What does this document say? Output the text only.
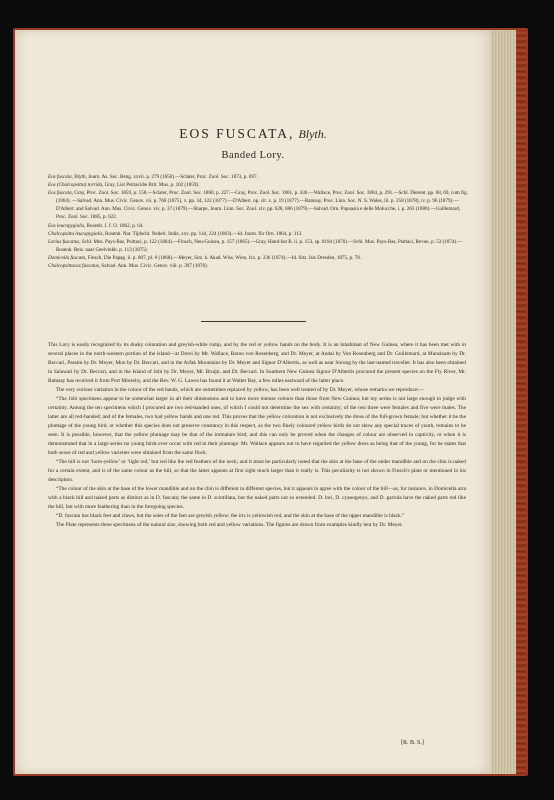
EOS FUSCATA, Blyth.
Banded Lory.

Eos fuscata, Blyth, Journ. As. Soc. Beng. xxvii. p. 279 (1858).—Sclater, Proc. Zool. Soc. 1873, p. 697.

Eos (Chalcopsitta) torrida, Gray, List Psittacidæ Brit. Mus. p. 102 (1859).

Eos fuscata, Gray, Proc. Zool. Soc. 1859, p. 158.—Sclater, Proc. Zool. Soc. 1860, p. 227.—Gray, Proc. Zool. Soc. 1861, p. 436.—Wallace, Proc. Zool. Soc. 1864, p. 291.—Schl. Dierent. pp. 68, 69, cum fig. (1864). —Salvad. Ann. Mus. Civic. Genov. vii. p. 760 (1875), x. pp. 34, 122 (1877).—D'Albert. op. cit. x. p. 19 (1877).—Ramsay, Proc. Linn. Soc. N. S. Wales, iii. p. 258 (1878), iv. p. 96 (1879).—D'Albert. and Salvad. Ann. Mus. Civic. Genov. xiv. p. 37 (1879).—Sharpe, Journ. Linn. Soc. Zool. xiv. pp. 628, 686 (1879).—Salvad. Orn. Papuasia e delle Molucche, i. p. 263 (1880).—Guillemard, Proc. Zool. Soc. 1885, p. 622.

Eos leucopygialis, Rosenb. J. f. O. 1862, p. 64.

Chalcopsitta leucopygialis, Rosenb. Nat. Tijdschr. Nederl. Indie, xxv. pp. 144, 224 (1863).—Id. Journ. für Orn. 1864, p. 113.

Lorius fuscatus, Schl. Mus. Pays-Bas, Psittaci, p. 122 (1864).—Finsch, Neu-Guinea, p. 157 (1865).—Gray, Hand-list B. ii. p. 153, sp. 8194 (1870).—Schl. Mus. Pays-Bas, Psittaci, Revue, p. 53 (1874).—Rosenb. Reis. naar Geelvinkb. p. 113 (1875).

Domicella fuscata, Finsch, Die Papag. ii. p. 807, pl. 6 (1868).—Meyer, Sitz. k. Akad. Wiss. Wien, lxx. p. 236 (1874).—Id. Sitz. Isis Dresden, 1875, p. 78.

Chalcopsittacus fuscatus, Salvad. Ann. Mus. Civic. Genov. viii. p. 397 (1876).

This Lory is easily recognized by its dusky coloration and greyish-white rump, and by the red or yellow bands on the body. It is an inhabitant of New Guinea, where it has been met with in several places in the north-western portion of the island—at Dorei by Mr. Wallace, Baron von Rosenberg, and Dr. Meyer, at Andai by Von Rosenberg and Dr. Guillemard, at Mansinam by Dr. Beccari, Passim by Dr. Meyer, Mon by Dr. Beccari, and in the Arfak Mountains by Dr. Meyer and Signor D'Albertis, as well as near Sorong by the last-named traveller. It has also been obtained in Salawati by Dr. Beccari, and in the Island of Jobi by Dr. Meyer, Mr. Bruijn, and Dr. Beccari. In Southern New Guinea Signor D'Albertis procured the present species on the Fly River, Mr. Ramsay has received it from Port Moresby, and the Rev. W. G. Lawes has found it at Walter Bay, a few miles eastward of the latter place.

The very curious variation in the colour of the red bands, which are sometimes replaced by yellow, has been well treated of by Dr. Meyer, whose remarks we reproduce:—

“The Jobi specimens appear to be somewhat larger in all their dimensions and to have more intense colours than those from New Guinea; but my series is not large enough to judge with certainty. Among the ten specimens which I procured are two red-banded ones, of which I could not determine the sex with certainty; of the rest three were females and five were males. The latter are all red-banded; and of the females, two had yellow bands and one red. This proves that the yellow coloration is not exclusively the dress of the full-grown female; but whether it be the plumage of the young bird, or whether this species does not preserve constancy in this respect, as the two finely coloured yellow birds do not show any special traces of youth, remains to be seen. It is possible, however, that the yellow plumage may be that of the immature bird; and this can only be proved when the changes of colour are observed in captivity, or when it is demonstrated that in a large series no young birds ever occur with red in their plumage. Mr. Wallace appears not to have regarded the yellow dress as being that of the young, for he states that both sexes of red and yellow varieties were obtained from the same flock.

“The bill is not ‘horn-yellow’ or ‘light red,’ but red like the red feathers of the neck; and it must be particularly noted that the skin at the base of the under mandible and on the chin is naked for a certain extent, and is of the same colour as the bill, so that the latter appears at first sight much larger than it really is. This peculiarity is not shown in Finsch's plate or mentioned in his description.

“The colour of the skin at the base of the lower mandible and on the chin is different in different species, but it appears to agree with the colour of the bill—as, for instance, in Domicella atra with a black bill and naked parts as distinct as in D. fuscata; the same in D. scintillata, but the naked parts not so extended. D. lori, D. cyanogenys, and D. garrula have the naked parts red like the bill, but with more feathering than in the foregoing species.

“D. fuscata has black feet and claws, but the soles of the feet are greyish yellow; the iris is yellowish red, and the skin at the base of the upper mandible is black.”

The Plate represents three specimens of the natural size, showing both red and yellow variations. The figures are drawn from examples kindly lent by Dr. Meyer.

[R. B. S.]
